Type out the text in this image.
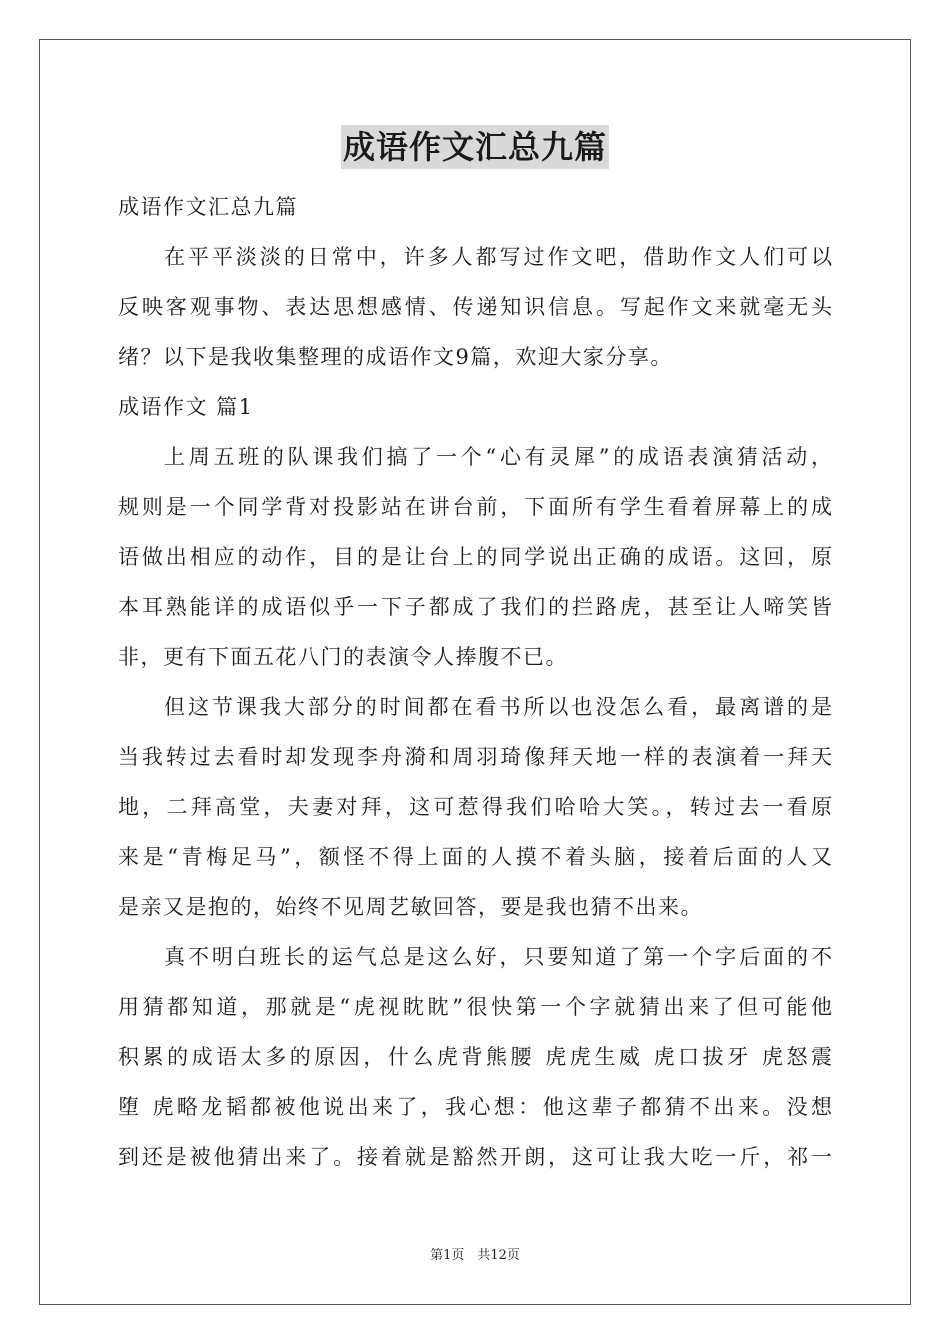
成语作文汇总九篇
成语作文汇总九篇
在平平淡淡的日常中，许多人都写过作文吧，借助作文人们可以
反映客观事物、表达思想感情、传递知识信息。写起作文来就毫无头
绪？以下是我收集整理的成语作文9篇，欢迎大家分享。
成语作文 篇1
上周五班的队课我们搞了一个“心有灵犀”的成语表演猜活动，
规则是一个同学背对投影站在讲台前，下面所有学生看着屏幕上的成
语做出相应的动作，目的是让台上的同学说出正确的成语。这回，原
本耳熟能详的成语似乎一下子都成了我们的拦路虎，甚至让人啼笑皆
非，更有下面五花八门的表演令人捧腹不已。
但这节课我大部分的时间都在看书所以也没怎么看，最离谱的是
当我转过去看时却发现李舟漪和周羽琦像拜天地一样的表演着一拜天
地，二拜高堂，夫妻对拜，这可惹得我们哈哈大笑。，转过去一看原
来是“青梅足马”，额怪不得上面的人摸不着头脑，接着后面的人又
是亲又是抱的，始终不见周艺敏回答，要是我也猜不出来。
真不明白班长的运气总是这么好，只要知道了第一个字后面的不
用猜都知道，那就是“虎视眈眈”很快第一个字就猜出来了但可能他
积累的成语太多的原因，什么虎背熊腰 虎虎生威 虎口拔牙 虎怒震
堕 虎略龙韬都被他说出来了，我心想：他这辈子都猜不出来。没想
到还是被他猜出来了。接着就是豁然开朗，这可让我大吃一斤，祁一
第1页　共12页
